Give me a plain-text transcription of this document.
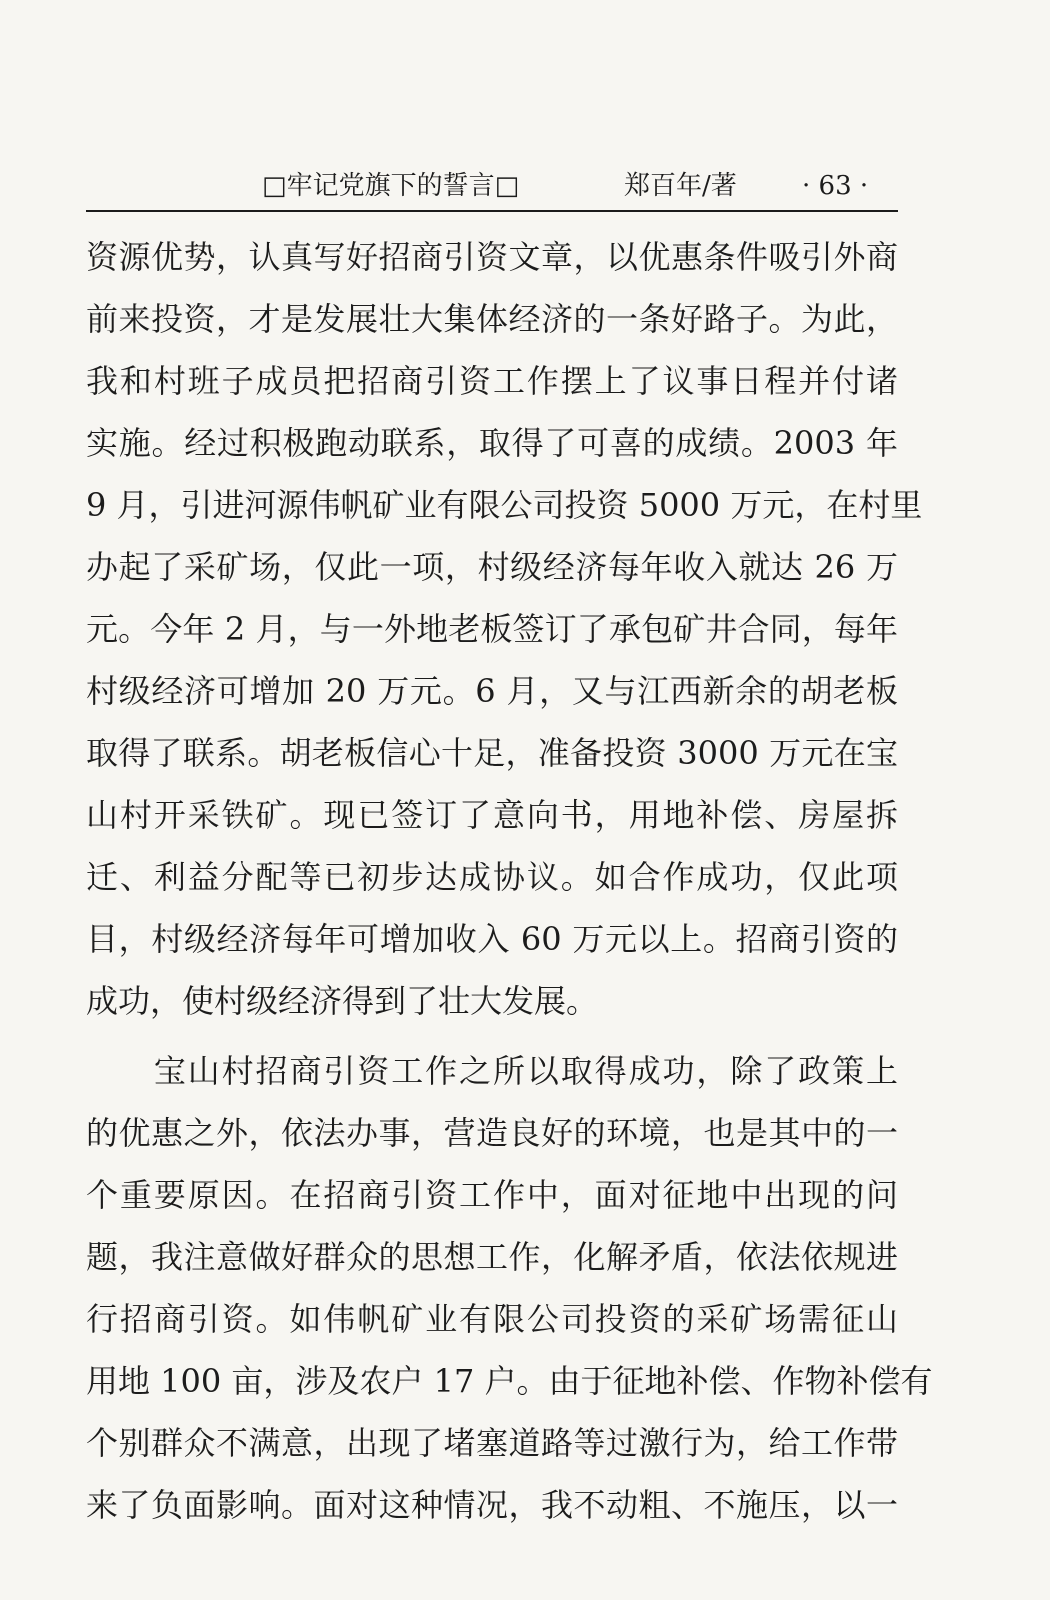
□牢记党旗下的誓言□	郑百年/著	· 63 ·
资源优势，认真写好招商引资文章，以优惠条件吸引外商
前来投资，才是发展壮大集体经济的一条好路子。为此，
我和村班子成员把招商引资工作摆上了议事日程并付诸
实施。经过积极跑动联系，取得了可喜的成绩。2003 年
9 月，引进河源伟帆矿业有限公司投资 5000 万元，在村里
办起了采矿场，仅此一项，村级经济每年收入就达 26 万
元。今年 2 月，与一外地老板签订了承包矿井合同，每年
村级经济可增加 20 万元。6 月，又与江西新余的胡老板
取得了联系。胡老板信心十足，准备投资 3000 万元在宝
山村开采铁矿。现已签订了意向书，用地补偿、房屋拆
迁、利益分配等已初步达成协议。如合作成功，仅此项
目，村级经济每年可增加收入 60 万元以上。招商引资的
成功，使村级经济得到了壮大发展。
　　宝山村招商引资工作之所以取得成功，除了政策上
的优惠之外，依法办事，营造良好的环境，也是其中的一
个重要原因。在招商引资工作中，面对征地中出现的问
题，我注意做好群众的思想工作，化解矛盾，依法依规进
行招商引资。如伟帆矿业有限公司投资的采矿场需征山
用地 100 亩，涉及农户 17 户。由于征地补偿、作物补偿有
个别群众不满意，出现了堵塞道路等过激行为，给工作带
来了负面影响。面对这种情况，我不动粗、不施压，以一
